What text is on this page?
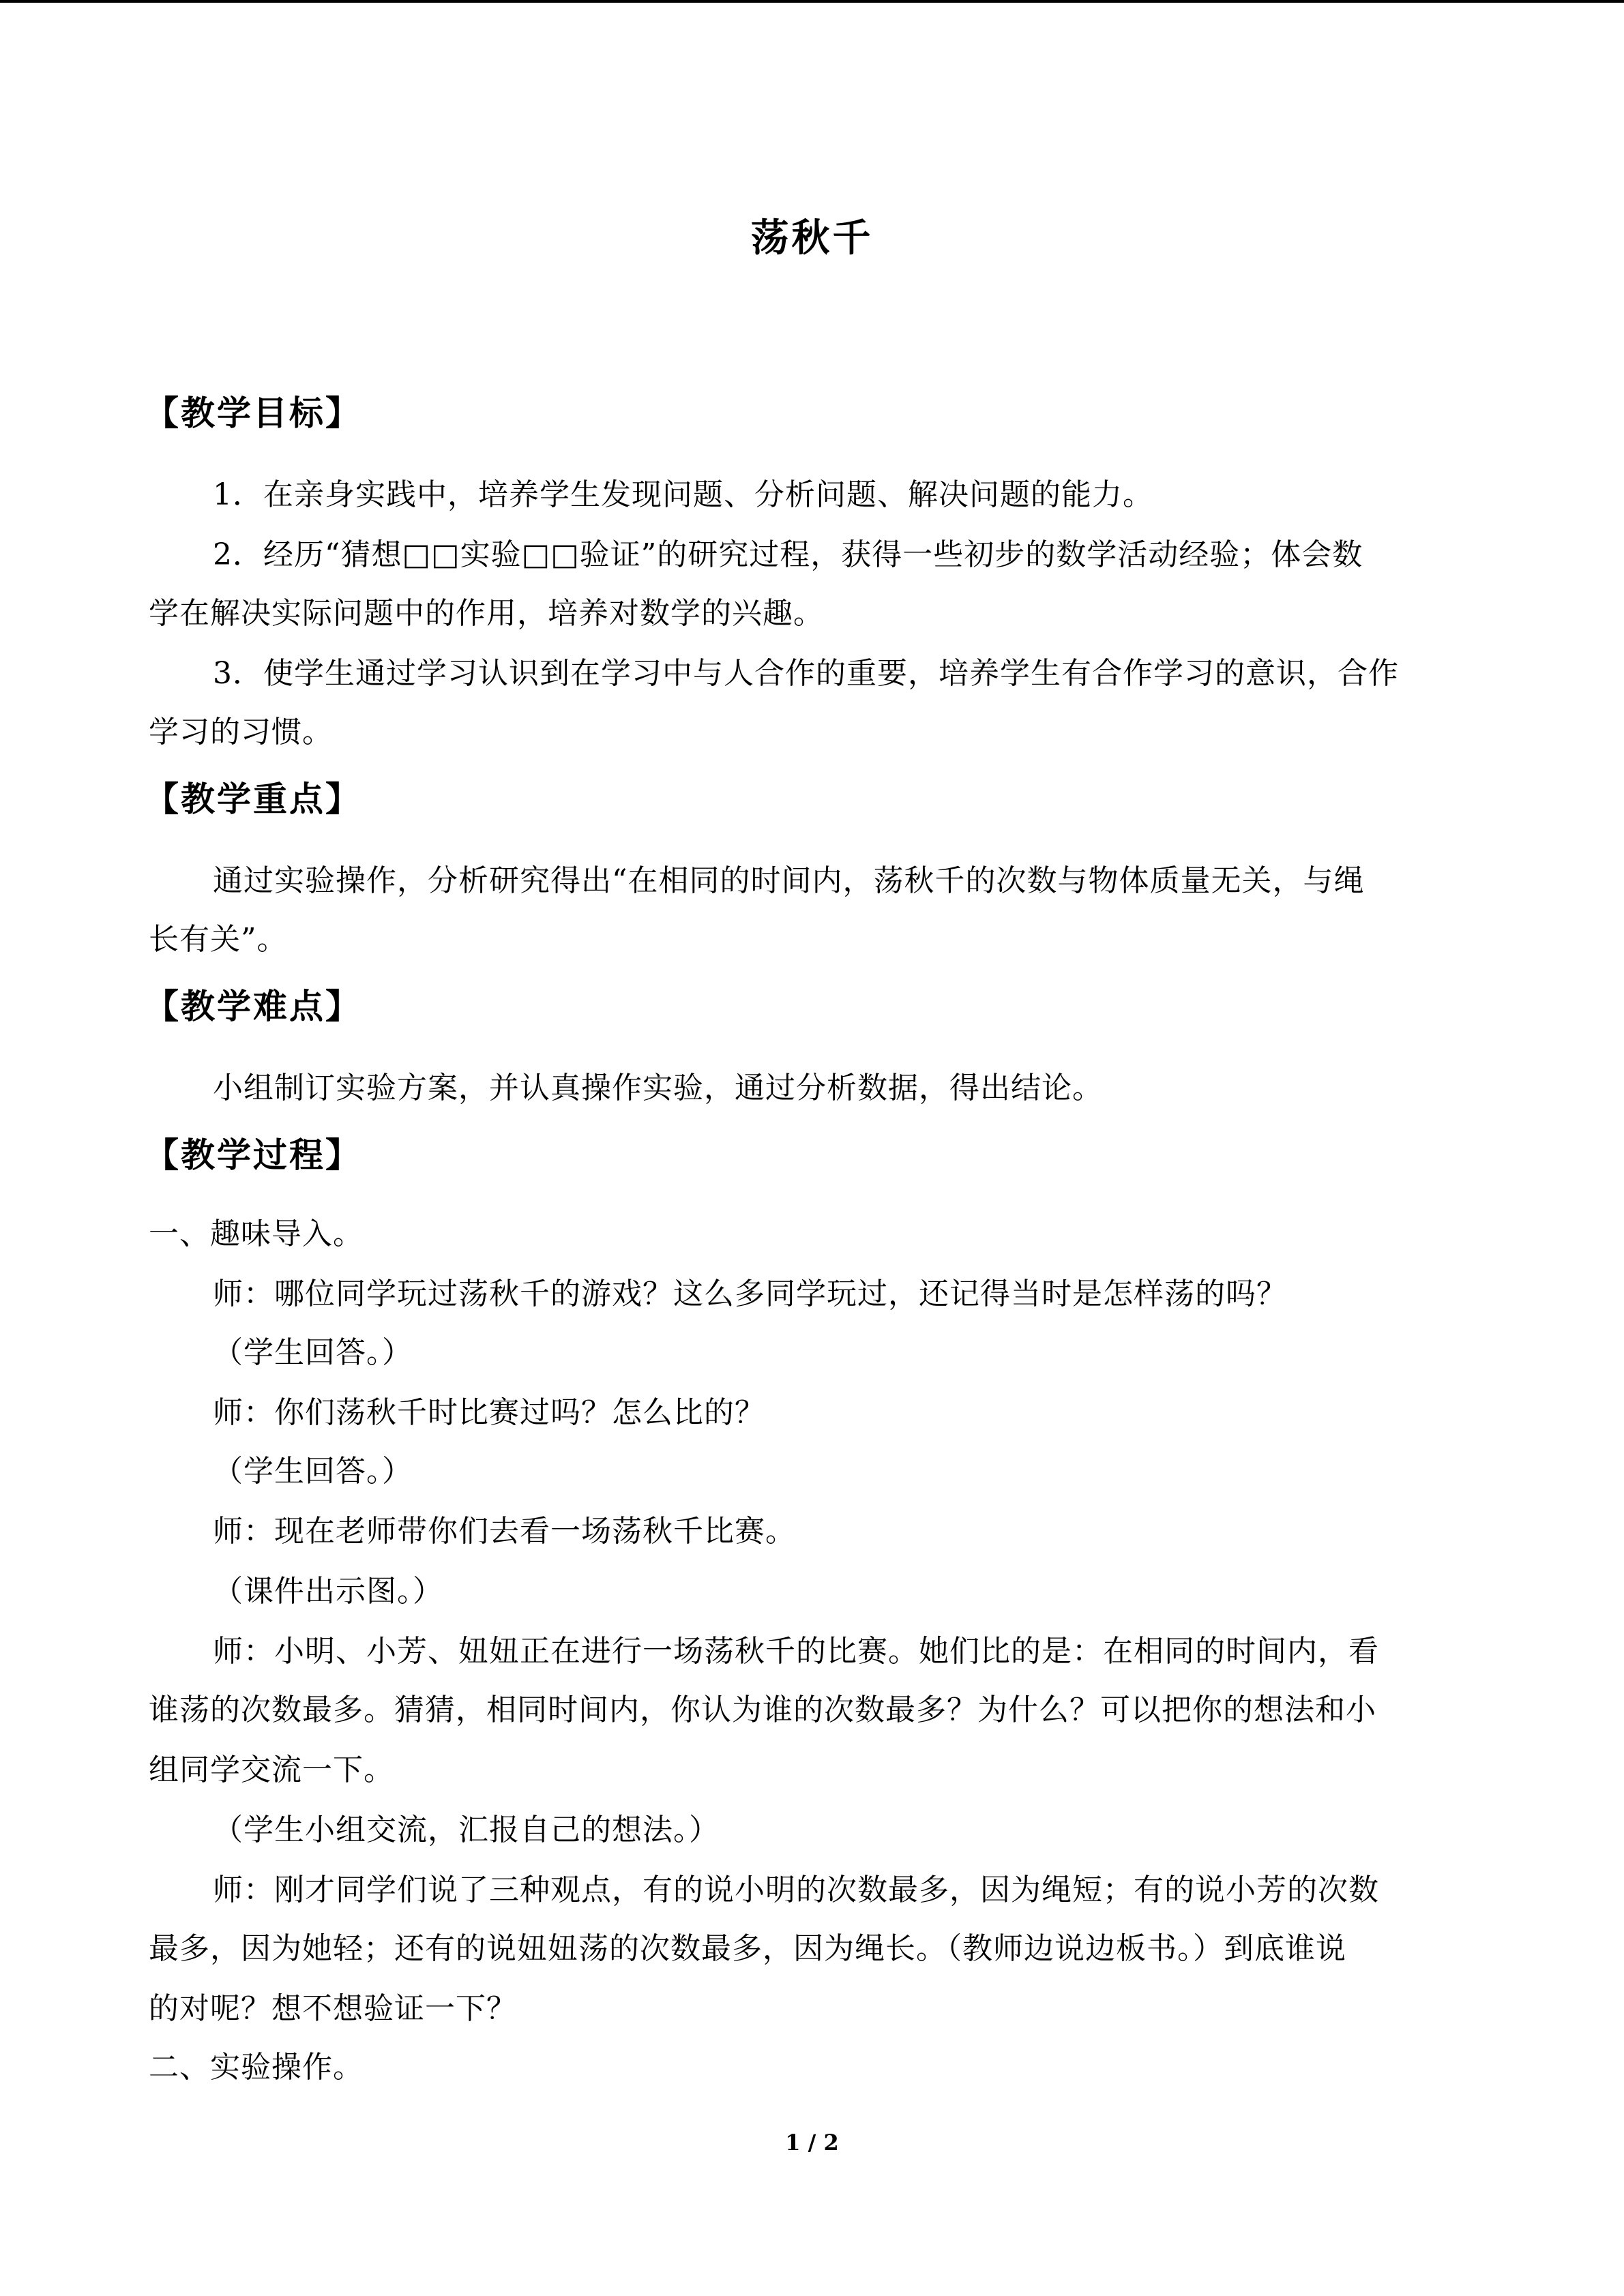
荡秋千
【教学目标】
1．在亲身实践中，培养学生发现问题、分析问题、解决问题的能力。
2．经历“猜想□□实验□□验证”的研究过程，获得一些初步的数学活动经验；体会数
学在解决实际问题中的作用，培养对数学的兴趣。
3．使学生通过学习认识到在学习中与人合作的重要，培养学生有合作学习的意识，合作
学习的习惯。
【教学重点】
通过实验操作，分析研究得出“在相同的时间内，荡秋千的次数与物体质量无关，与绳
长有关”。
【教学难点】
小组制订实验方案，并认真操作实验，通过分析数据，得出结论。
【教学过程】
一、趣味导入。
师：哪位同学玩过荡秋千的游戏？这么多同学玩过，还记得当时是怎样荡的吗？
（学生回答。）
师：你们荡秋千时比赛过吗？怎么比的？
（学生回答。）
师：现在老师带你们去看一场荡秋千比赛。
（课件出示图。）
师：小明、小芳、妞妞正在进行一场荡秋千的比赛。她们比的是：在相同的时间内，看
谁荡的次数最多。猜猜，相同时间内，你认为谁的次数最多？为什么？可以把你的想法和小
组同学交流一下。
（学生小组交流，汇报自己的想法。）
师：刚才同学们说了三种观点，有的说小明的次数最多，因为绳短；有的说小芳的次数
最多，因为她轻；还有的说妞妞荡的次数最多，因为绳长。（教师边说边板书。）到底谁说
的对呢？想不想验证一下？
二、实验操作。
1 / 2
